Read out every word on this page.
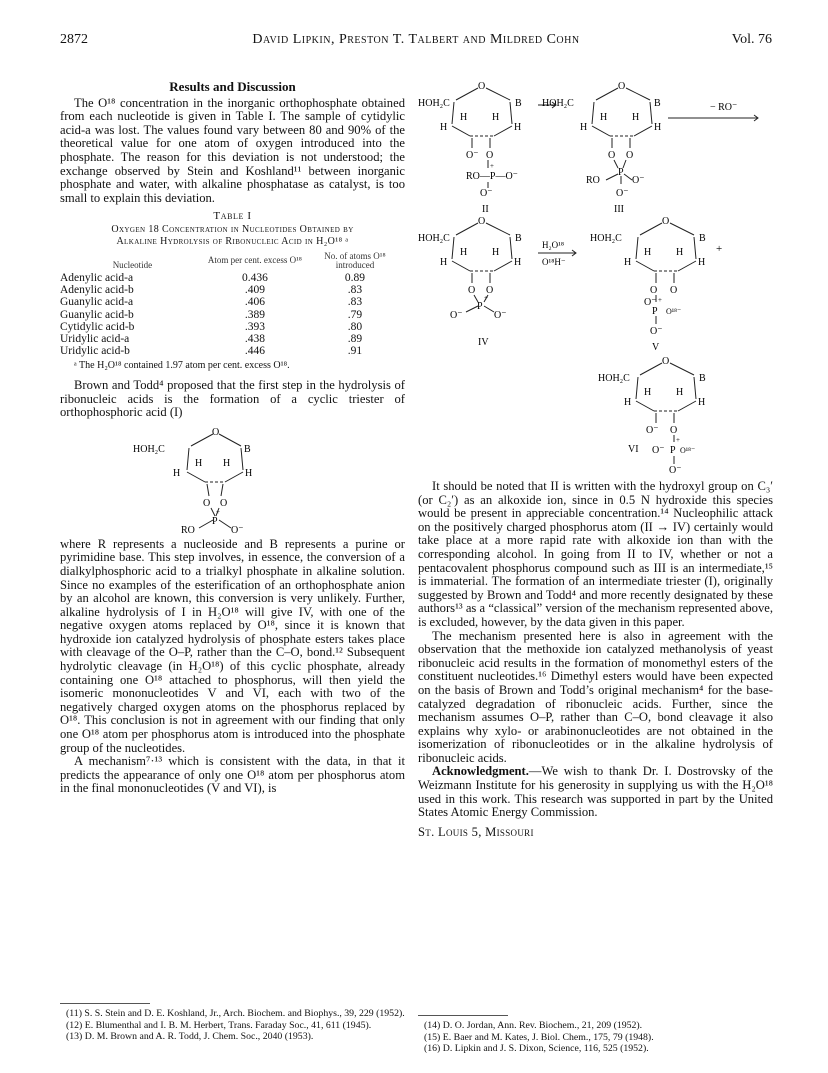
2872	David Lipkin, Preston T. Talbert and Mildred Cohn	Vol. 76
Results and Discussion

The O¹⁸ concentration in the inorganic orthophosphate obtained from each nucleotide is given in Table I. The sample of cytidylic acid-a was lost. The values found vary between 80 and 90% of the theoretical value for one atom of oxygen introduced into the phosphate. The reason for this deviation is not understood; the exchange observed by Stein and Koshland¹¹ between inorganic phosphate and water, with alkaline phosphatase as catalyst, is too small to explain this deviation.

Table I
Oxygen 18 Concentration in Nucleotides Obtained by
Alkaline Hydrolysis of Ribonucleic Acid in H₂O¹⁸ ᵃ
Nucleotide	Atom per cent. excess O¹⁸	No. of atoms O¹⁸ introduced
Adenylic acid-a	0.436	0.89
Adenylic acid-b	.409	.83
Guanylic acid-a	.406	.83
Guanylic acid-b	.389	.79
Cytidylic acid-b	.393	.80
Uridylic acid-a	.438	.89
Uridylic acid-b	.446	.91
ᵃ The H₂O¹⁸ contained 1.97 atom per cent. excess O¹⁸.

Brown and Todd⁴ proposed that the first step in the hydrolysis of ribonucleic acids is the formation of a cyclic triester of orthophosphoric acid (I)

HOH₂C
O
B
H H
H	H
O O
+
P
RO	O⁻

where R represents a nucleoside and B represents a purine or pyrimidine base. This step involves, in essence, the conversion of a dialkylphosphoric acid to a trialkyl phosphate in alkaline solution. Since no examples of the esterification of an orthophosphate anion by an alcohol are known, this conversion is very unlikely. Further, alkaline hydrolysis of I in H₂O¹⁸ will give IV, with one of the negative oxygen atoms replaced by O¹⁸, since it is known that hydroxide ion catalyzed hydrolysis of phosphate esters takes place with cleavage of the O–P, rather than the C–O, bond.¹² Subsequent hydrolytic cleavage (in H₂O¹⁸) of this cyclic phosphate, already containing one O¹⁸ attached to phosphorus, will then yield the isomeric mononucleotides V and VI, each with two of the negatively charged oxygen atoms on the phosphorus replaced by O¹⁸. This conclusion is not in agreement with our finding that only one O¹⁸ atom per phosphorus atom is introduced into the phosphate group of the nucleotides.

A mechanism⁷·¹³ which is consistent with the data, in that it predicts the appearance of only one O¹⁸ atom per phosphorus atom in the final mononucleotides (V and VI), is

HOH₂C
O
B
H H
H	H
O⁻ O
+
RO—P—O⁻
O⁻
II
HOH₂C
O
B
H H
H	H
O O
P
RO	O⁻
O⁻
III
− RO⁻
HOH₂C
O
B
H H
H	H
O O
+
P
O⁻	O⁻
IV
H₂O¹⁸
O¹⁸H⁻
HOH₂C
O
B
H H
H	H
O O
O⁻ +
P O¹⁸⁻
O⁻
V
+
HOH₂C
O
B
H H
H	H
O⁻ O
+
O⁻ P O¹⁸⁻
O⁻
VI

It should be noted that II is written with the hydroxyl group on C₃′(or C₂′) as an alkoxide ion, since in 0.5 N hydroxide this species would be present in appreciable concentration.¹⁴ Nucleophilic attack on the positively charged phosphorus atom (II → IV) certainly would take place at a more rapid rate with alkoxide ion than with the corresponding alcohol. In going from II to IV, whether or not a pentacovalent phosphorus compound such as III is an intermediate,¹⁵ is immaterial. The formation of an intermediate triester (I), originally suggested by Brown and Todd⁴ and more recently designated by these authors¹³ as a “classical” version of the mechanism represented above, is excluded, however, by the data given in this paper.

The mechanism presented here is also in agreement with the observation that the methoxide ion catalyzed methanolysis of yeast ribonucleic acid results in the formation of monomethyl esters of the constituent nucleotides.¹⁶ Dimethyl esters would have been expected on the basis of Brown and Todd’s original mechanism⁴ for the base-catalyzed degradation of ribonucleic acids. Further, since the mechanism assumes O–P, rather than C–O, bond cleavage it also explains why xylo- or arabinonucleotides are not obtained in the isomerization of ribonucleotides or in the alkaline hydrolysis of ribonucleic acids.

Acknowledgment.—We wish to thank Dr. I. Dostrovsky of the Weizmann Institute for his generosity in supplying us with the H₂O¹⁸ used in this work. This research was supported in part by the United States Atomic Energy Commission.

St. Louis 5, Missouri

(11) S. S. Stein and D. E. Koshland, Jr., Arch. Biochem. and Biophys., 39, 229 (1952).

(12) E. Blumenthal and I. B. M. Herbert, Trans. Faraday Soc., 41, 611 (1945).

(13) D. M. Brown and A. R. Todd, J. Chem. Soc., 2040 (1953).

(14) D. O. Jordan, Ann. Rev. Biochem., 21, 209 (1952).

(15) E. Baer and M. Kates, J. Biol. Chem., 175, 79 (1948).

(16) D. Lipkin and J. S. Dixon, Science, 116, 525 (1952).
